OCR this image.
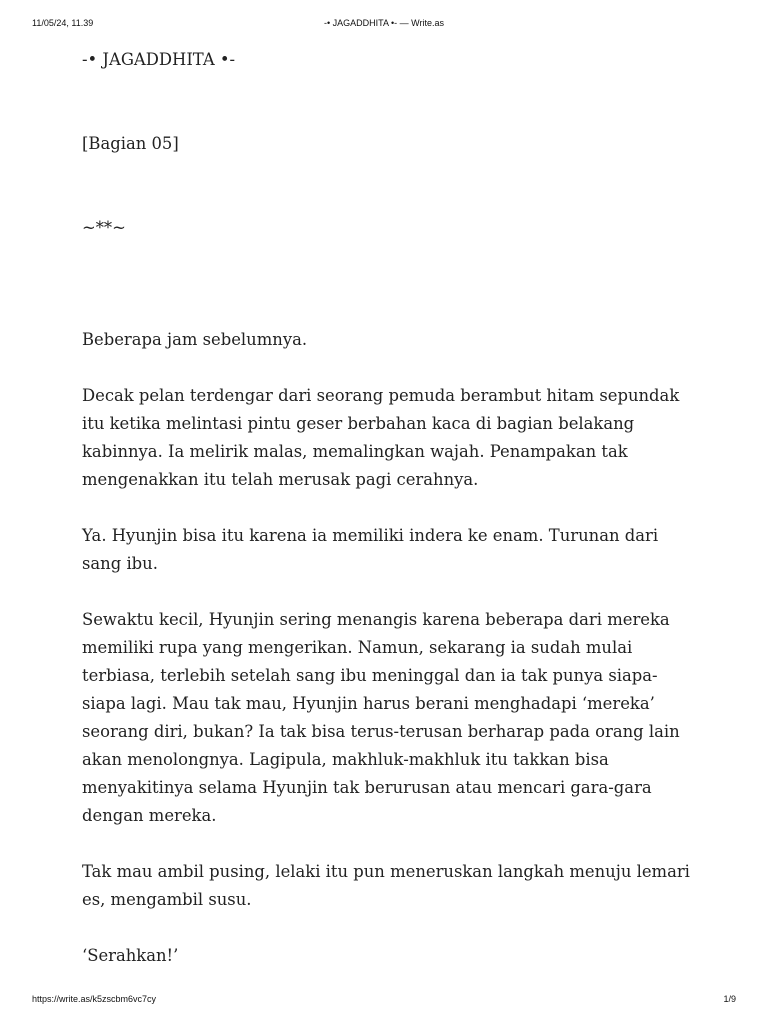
11/05/24, 11.39	-• JAGADDHITA •- — Write.as

-• JAGADDHITA •-

[Bagian 05]

~**~

Beberapa jam sebelumnya.

Decak pelan terdengar dari seorang pemuda berambut hitam sepundak itu ketika melintasi pintu geser berbahan kaca di bagian belakang kabinnya. Ia melirik malas, memalingkan wajah. Penampakan tak mengenakkan itu telah merusak pagi cerahnya.

Ya. Hyunjin bisa itu karena ia memiliki indera ke enam. Turunan dari sang ibu.

Sewaktu kecil, Hyunjin sering menangis karena beberapa dari mereka memiliki rupa yang mengerikan. Namun, sekarang ia sudah mulai terbiasa, terlebih setelah sang ibu meninggal dan ia tak punya siapa-siapa lagi. Mau tak mau, Hyunjin harus berani menghadapi ‘mereka’ seorang diri, bukan? Ia tak bisa terus-terusan berharap pada orang lain akan menolongnya. Lagipula, makhluk-makhluk itu takkan bisa menyakitinya selama Hyunjin tak berurusan atau mencari gara-gara dengan mereka.

Tak mau ambil pusing, lelaki itu pun meneruskan langkah menuju lemari es, mengambil susu.

‘Serahkan!’

https://write.as/k5zscbm6vc7cy	1/9
